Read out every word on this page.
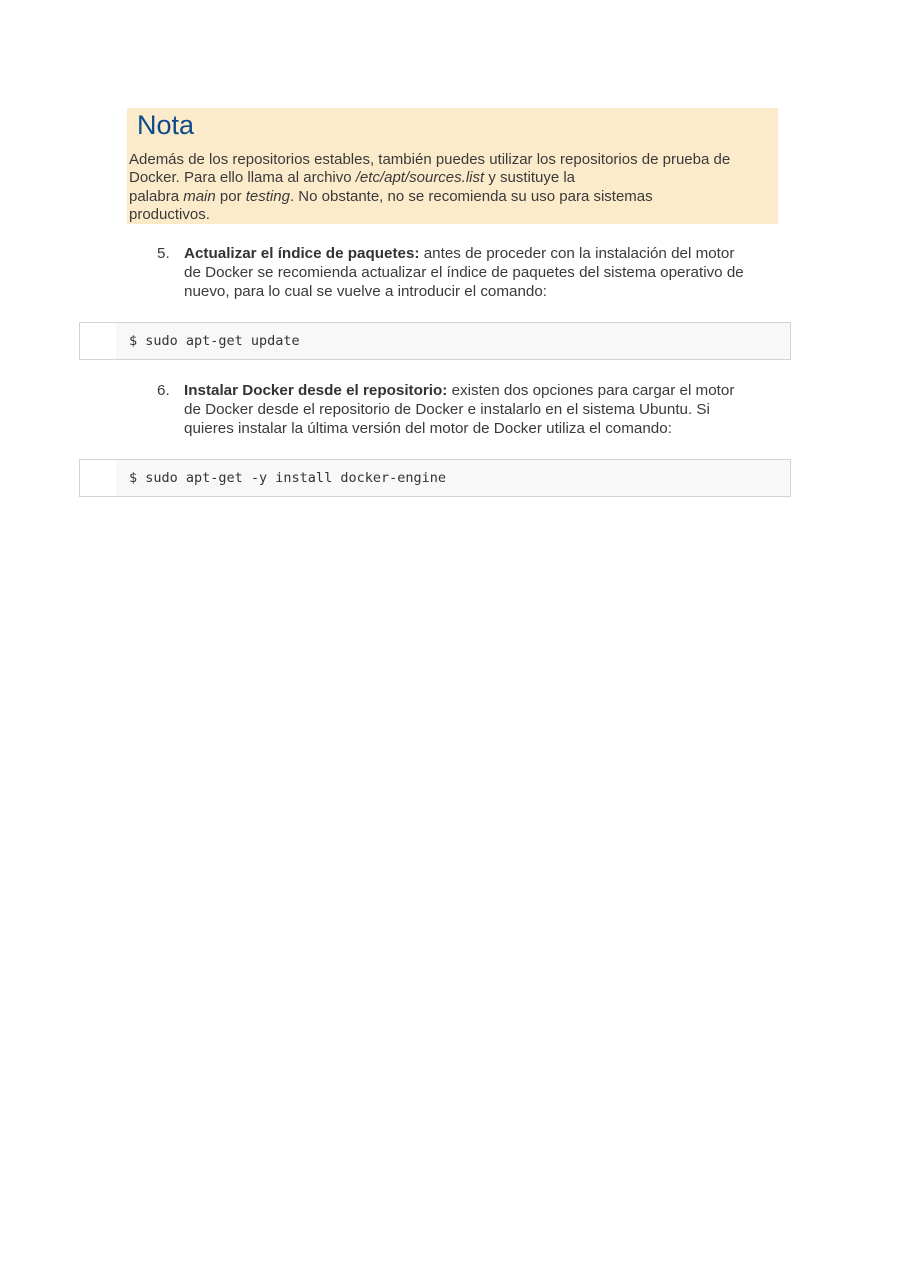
Nota
Además de los repositorios estables, también puedes utilizar los repositorios de prueba de
Docker. Para ello llama al archivo /etc/apt/sources.list y sustituye la
palabra main por testing. No obstante, no se recomienda su uso para sistemas
productivos.
5. Actualizar el índice de paquetes: antes de proceder con la instalación del motor
de Docker se recomienda actualizar el índice de paquetes del sistema operativo de
nuevo, para lo cual se vuelve a introducir el comando:
$ sudo apt-get update
6. Instalar Docker desde el repositorio: existen dos opciones para cargar el motor
de Docker desde el repositorio de Docker e instalarlo en el sistema Ubuntu. Si
quieres instalar la última versión del motor de Docker utiliza el comando:
$ sudo apt-get -y install docker-engine
